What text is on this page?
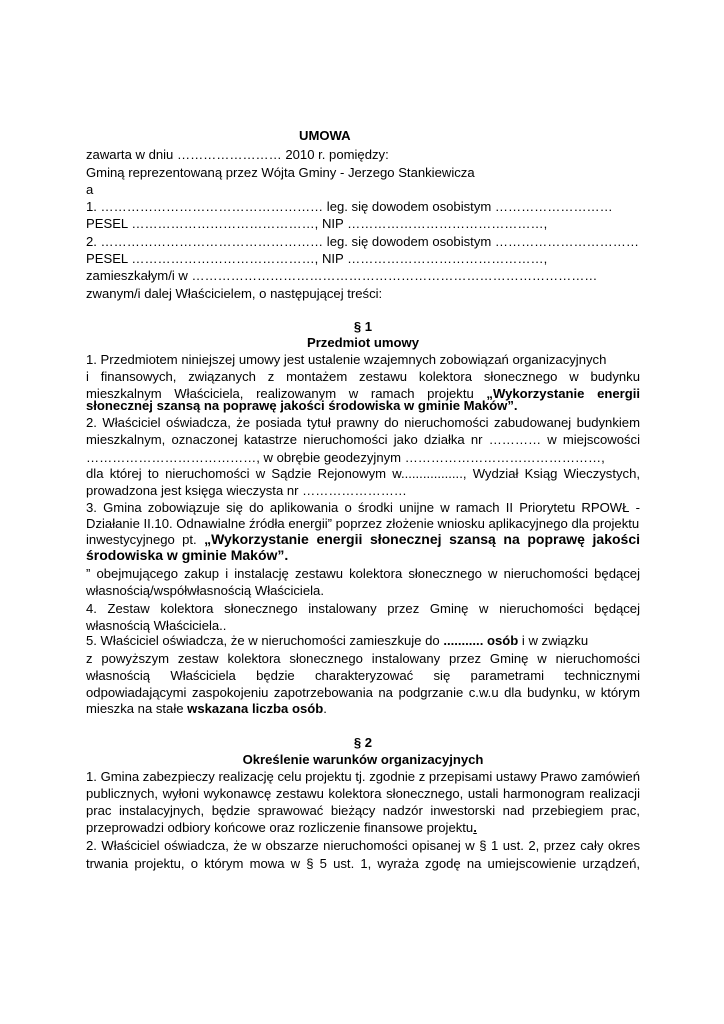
UMOWA

zawarta w dniu …………………… 2010 r. pomiędzy:

Gminą reprezentowaną przez Wójta Gminy - Jerzego Stankiewicza

a

1. …………………………………………… leg. się dowodem osobistym ………………………

PESEL ……………………………………, NIP ………………………………………,

2. …………………………………………… leg. się dowodem osobistym ……………………………

PESEL ……………………………………, NIP ………………………………………,

zamieszkałym/i w …………………………………………………………………………………

zwanym/i dalej Właścicielem, o następującej treści:

§ 1

Przedmiot umowy

1. Przedmiotem niniejszej umowy jest ustalenie wzajemnych zobowiązań organizacyjnych

i finansowych, związanych z montażem zestawu kolektora słonecznego w budynku

mieszkalnym Właściciela, realizowanym w ramach projektu „Wykorzystanie energii

słonecznej szansą na poprawę jakości środowiska w gminie Maków”.

2. Właściciel oświadcza, że posiada tytuł prawny do nieruchomości zabudowanej budynkiem

mieszkalnym, oznaczonej katastrze nieruchomości jako działka nr ………… w miejscowości

…………………………………, w obrębie geodezyjnym ………………………………………,

dla której to nieruchomości w Sądzie Rejonowym w................., Wydział Ksiąg Wieczystych,

prowadzona jest księga wieczysta nr ……………………

3. Gmina zobowiązuje się do aplikowania o środki unijne w ramach II Priorytetu RPOWŁ -

Działanie II.10. Odnawialne źródła energii” poprzez złożenie wniosku aplikacyjnego dla projektu

inwestycyjnego pt. „Wykorzystanie energii słonecznej szansą na poprawę jakości

środowiska w gminie Maków”.

” obejmującego zakup i instalację zestawu kolektora słonecznego w nieruchomości będącej

własnością/współwłasnością Właściciela.

4. Zestaw kolektora słonecznego instalowany przez Gminę w nieruchomości będącej

własnością Właściciela..

5. Właściciel oświadcza, że w nieruchomości zamieszkuje do ........... osób i w związku

z powyższym zestaw kolektora słonecznego instalowany przez Gminę w nieruchomości

własnością Właściciela będzie charakteryzować się parametrami technicznymi

odpowiadającymi zaspokojeniu zapotrzebowania na podgrzanie c.w.u dla budynku, w którym

mieszka na stałe wskazana liczba osób.

§ 2

Określenie warunków organizacyjnych

1. Gmina zabezpieczy realizację celu projektu tj. zgodnie z przepisami ustawy Prawo zamówień

publicznych, wyłoni wykonawcę zestawu kolektora słonecznego, ustali harmonogram realizacji

prac instalacyjnych, będzie sprawować bieżący nadzór inwestorski nad przebiegiem prac,

przeprowadzi odbiory końcowe oraz rozliczenie finansowe projektu.

2. Właściciel oświadcza, że w obszarze nieruchomości opisanej w § 1 ust. 2, przez cały okres

trwania projektu, o którym mowa w § 5 ust. 1, wyraża zgodę na umiejscowienie urządzeń,
